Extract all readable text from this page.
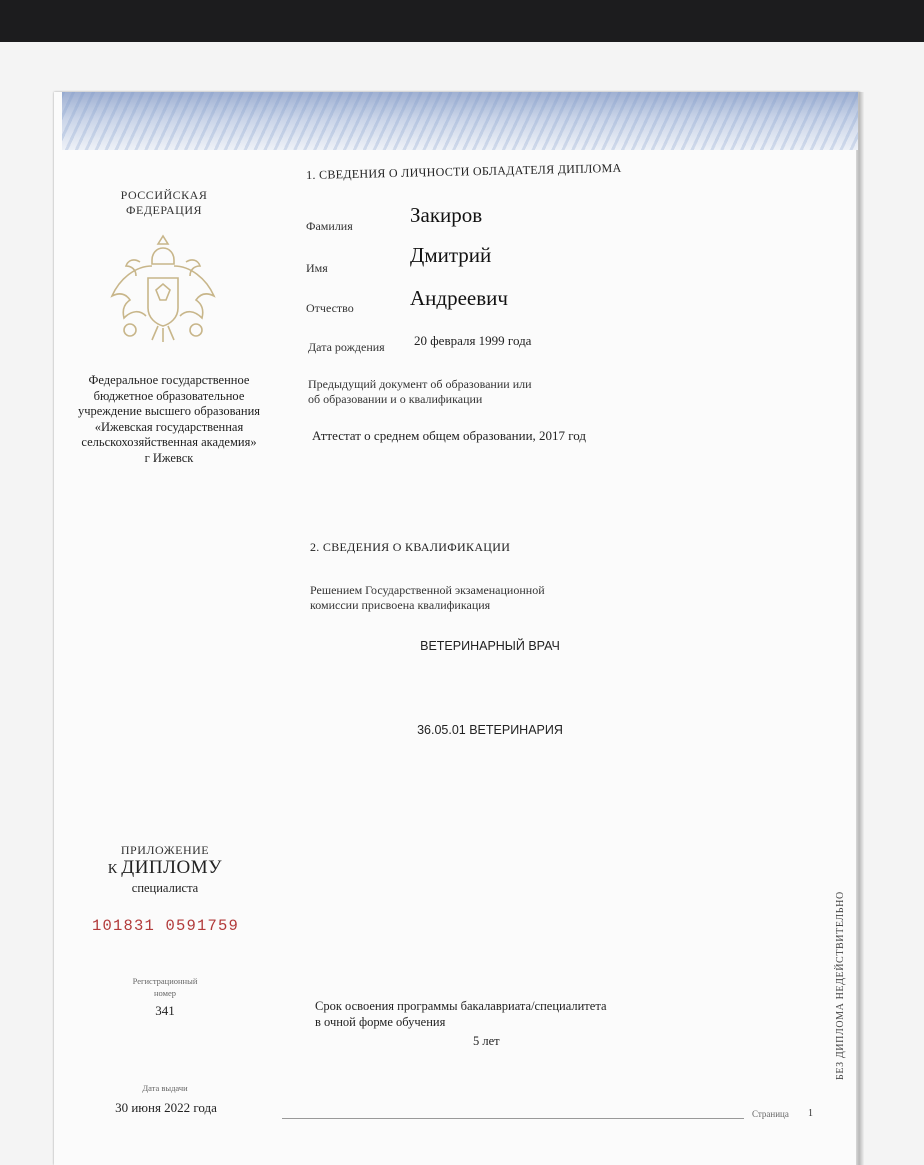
РОССИЙСКАЯ
ФЕДЕРАЦИЯ
Федеральное государственное
бюджетное образовательное
учреждение высшего образования
«Ижевская государственная
сельскохозяйственная академия»
г Ижевск
ПРИЛОЖЕНИЕ
К ДИПЛОМУ
специалиста
101831 0591759
Регистрационный
номер
341
Дата выдачи
30 июня 2022 года
1. СВЕДЕНИЯ О ЛИЧНОСТИ ОБЛАДАТЕЛЯ ДИПЛОМА
Фамилия	Закиров
Имя
Дмитрий
Отчество	Андреевич
Дата рождения 20 февраля 1999 года
Предыдущий документ об образовании или
об образовании и о квалификации
Аттестат о среднем общем образовании, 2017 год
2. СВЕДЕНИЯ О КВАЛИФИКАЦИИ
Решением Государственной экзаменационной
комиссии присвоена квалификация
ВЕТЕРИНАРНЫЙ ВРАЧ
36.05.01 ВЕТЕРИНАРИЯ
Срок освоения программы бакалавриата/специалитета
в очной форме обучения
5 лет
Страница 1
БЕЗ ДИПЛОМА НЕДЕЙСТВИТЕЛЬНО
